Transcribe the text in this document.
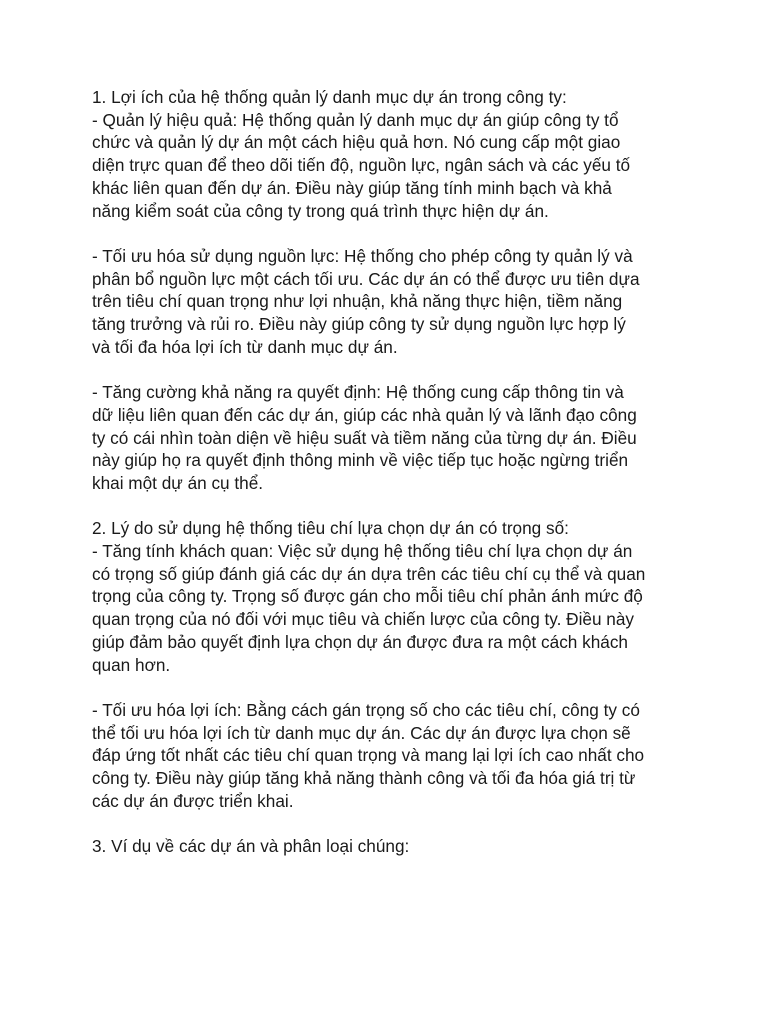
1. Lợi ích của hệ thống quản lý danh mục dự án trong công ty:
- Quản lý hiệu quả: Hệ thống quản lý danh mục dự án giúp công ty tổ
chức và quản lý dự án một cách hiệu quả hơn. Nó cung cấp một giao
diện trực quan để theo dõi tiến độ, nguồn lực, ngân sách và các yếu tố
khác liên quan đến dự án. Điều này giúp tăng tính minh bạch và khả
năng kiểm soát của công ty trong quá trình thực hiện dự án.
- Tối ưu hóa sử dụng nguồn lực: Hệ thống cho phép công ty quản lý và
phân bổ nguồn lực một cách tối ưu. Các dự án có thể được ưu tiên dựa
trên tiêu chí quan trọng như lợi nhuận, khả năng thực hiện, tiềm năng
tăng trưởng và rủi ro. Điều này giúp công ty sử dụng nguồn lực hợp lý
và tối đa hóa lợi ích từ danh mục dự án.
- Tăng cường khả năng ra quyết định: Hệ thống cung cấp thông tin và
dữ liệu liên quan đến các dự án, giúp các nhà quản lý và lãnh đạo công
ty có cái nhìn toàn diện về hiệu suất và tiềm năng của từng dự án. Điều
này giúp họ ra quyết định thông minh về việc tiếp tục hoặc ngừng triển
khai một dự án cụ thể.
2. Lý do sử dụng hệ thống tiêu chí lựa chọn dự án có trọng số:
- Tăng tính khách quan: Việc sử dụng hệ thống tiêu chí lựa chọn dự án
có trọng số giúp đánh giá các dự án dựa trên các tiêu chí cụ thể và quan
trọng của công ty. Trọng số được gán cho mỗi tiêu chí phản ánh mức độ
quan trọng của nó đối với mục tiêu và chiến lược của công ty. Điều này
giúp đảm bảo quyết định lựa chọn dự án được đưa ra một cách khách
quan hơn.
- Tối ưu hóa lợi ích: Bằng cách gán trọng số cho các tiêu chí, công ty có
thể tối ưu hóa lợi ích từ danh mục dự án. Các dự án được lựa chọn sẽ
đáp ứng tốt nhất các tiêu chí quan trọng và mang lại lợi ích cao nhất cho
công ty. Điều này giúp tăng khả năng thành công và tối đa hóa giá trị từ
các dự án được triển khai.
3. Ví dụ về các dự án và phân loại chúng:
